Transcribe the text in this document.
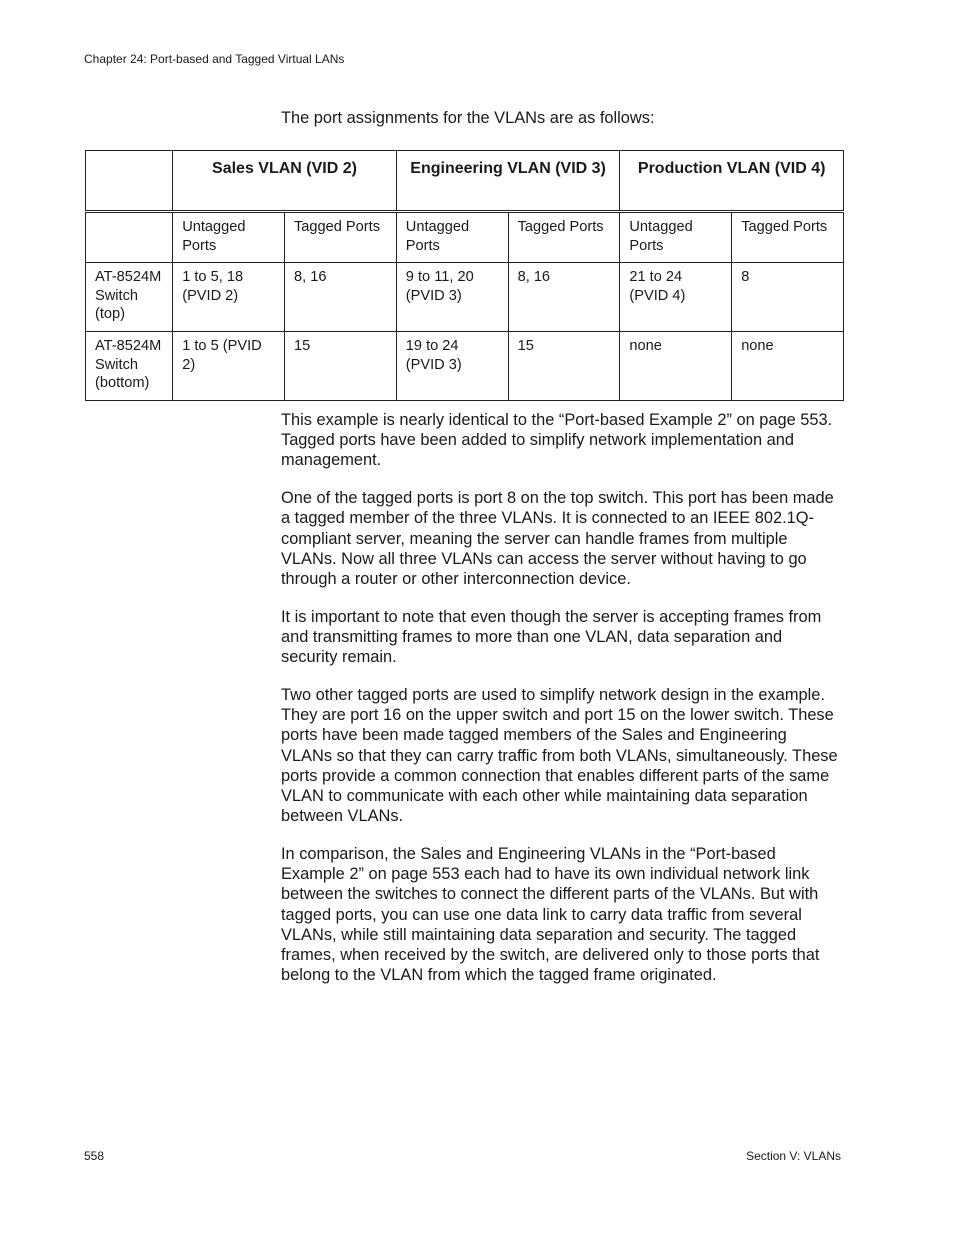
Chapter 24: Port-based and Tagged Virtual LANs
The port assignments for the VLANs are as follows:
	Sales VLAN (VID 2)		Engineering VLAN (VID 3)		Production VLAN (VID 4)	
	Untagged Ports	Tagged Ports	Untagged Ports	Tagged Ports	Untagged Ports	Tagged Ports
AT-8524M Switch (top)	1 to 5, 18 (PVID 2)	8, 16	9 to 11, 20 (PVID 3)	8, 16	21 to 24 (PVID 4)	8
AT-8524M Switch (bottom)	1 to 5 (PVID 2)	15	19 to 24 (PVID 3)	15	none	none

This example is nearly identical to the “Port-based Example 2” on page 553. Tagged ports have been added to simplify network implementation and management.

One of the tagged ports is port 8 on the top switch. This port has been made a tagged member of the three VLANs. It is connected to an IEEE 802.1Q-compliant server, meaning the server can handle frames from multiple VLANs. Now all three VLANs can access the server without having to go through a router or other interconnection device.

It is important to note that even though the server is accepting frames from and transmitting frames to more than one VLAN, data separation and security remain.

Two other tagged ports are used to simplify network design in the example. They are port 16 on the upper switch and port 15 on the lower switch. These ports have been made tagged members of the Sales and Engineering VLANs so that they can carry traffic from both VLANs, simultaneously. These ports provide a common connection that enables different parts of the same VLAN to communicate with each other while maintaining data separation between VLANs.

In comparison, the Sales and Engineering VLANs in the “Port-based Example 2” on page 553 each had to have its own individual network link between the switches to connect the different parts of the VLANs. But with tagged ports, you can use one data link to carry data traffic from several VLANs, while still maintaining data separation and security. The tagged frames, when received by the switch, are delivered only to those ports that belong to the VLAN from which the tagged frame originated.

558	Section V: VLANs
